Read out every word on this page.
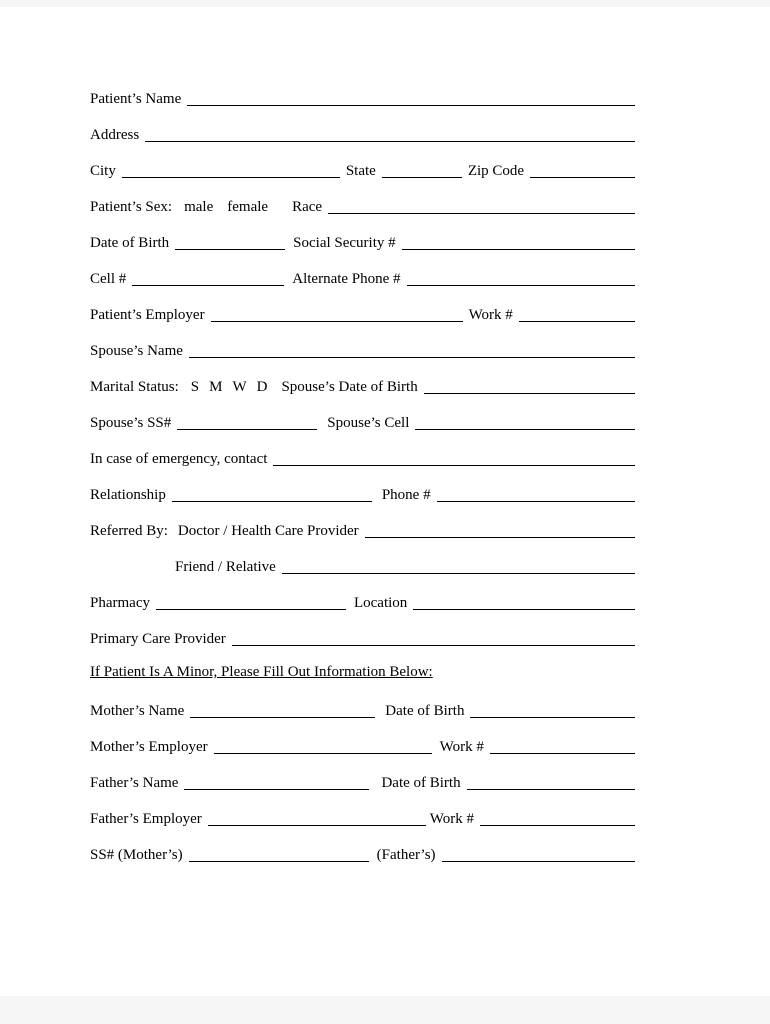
Patient’s Name
Address
City	State	Zip Code
Patient’s Sex: male female Race
Date of Birth	Social Security #
Cell #	Alternate Phone #
Patient’s Employer	Work #
Spouse’s Name
Marital Status: S M W D Spouse’s Date of Birth
Spouse’s SS#	Spouse’s Cell
In case of emergency, contact
Relationship	Phone #
Referred By: Doctor / Health Care Provider
Friend / Relative
Pharmacy	Location
Primary Care Provider
If Patient Is A Minor, Please Fill Out Information Below:
Mother’s Name	Date of Birth
Mother’s Employer	Work #
Father’s Name	Date of Birth
Father’s Employer	Work #
SS# (Mother’s)	(Father’s)
